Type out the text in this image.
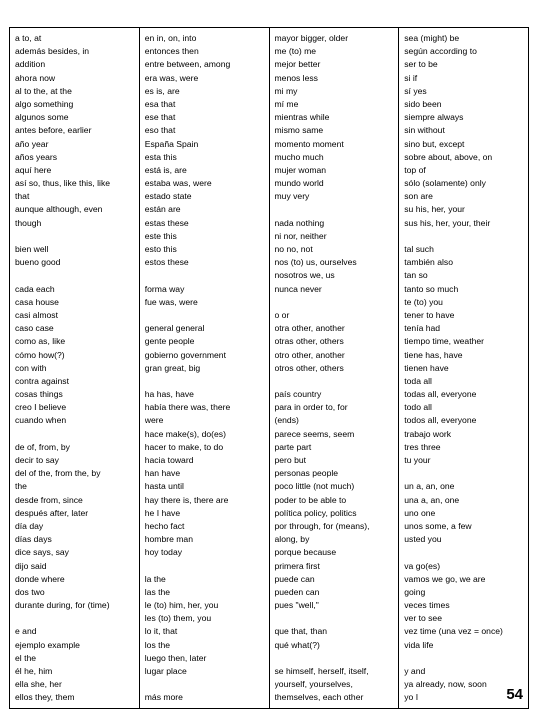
a to, at
además besides, in
addition
ahora now
al to the, at the
algo something
algunos some
antes before, earlier
año year
años years
aquí here
así so, thus, like this, like
that
aunque although, even
though
bien well
bueno good
cada each
casa house
casi almost
caso case
como as, like
cómo how(?)
con with
contra against
cosas things
creo I believe
cuando when
de of, from, by
decir to say
del of the, from the, by
the
desde from, since
después after, later
día day
días days
dice says, say
dijo said
donde where
dos two
durante during, for (time)
e and
ejemplo example
el the
él he, him
ella she, her
ellos they, them
en in, on, into
entonces then
entre between, among
era was, were
es is, are
esa that
ese that
eso that
España Spain
esta this
está is, are
estaba was, were
estado state
están are
estas these
este this
esto this
estos these
forma way
fue was, were
general general
gente people
gobierno government
gran great, big
ha has, have
había there was, there
were
hace make(s), do(es)
hacer to make, to do
hacia toward
han have
hasta until
hay there is, there are
he I have
hecho fact
hombre man
hoy today
la the
las the
le (to) him, her, you
les (to) them, you
lo it, that
los the
luego then, later
lugar place
más more
mayor bigger, older
me (to) me
mejor better
menos less
mi my
mí me
mientras while
mismo same
momento moment
mucho much
mujer woman
mundo world
muy very
nada nothing
ni nor, neither
no no, not
nos (to) us, ourselves
nosotros we, us
nunca never
o or
otra other, another
otras other, others
otro other, another
otros other, others
país country
para in order to, for
(ends)
parece seems, seem
parte part
pero but
personas people
poco little (not much)
poder to be able to
política policy, politics
por through, for (means),
along, by
porque because
primera first
puede can
pueden can
pues "well,"
que that, than
qué what(?)
se himself, herself, itself,
yourself, yourselves,
themselves, each other
sea (might) be
según according to
ser to be
si if
sí yes
sido been
siempre always
sin without
sino but, except
sobre about, above, on
top of
sólo (solamente) only
son are
su his, her, your
sus his, her, your, their
tal such
también also
tan so
tanto so much
te (to) you
tener to have
tenía had
tiempo time, weather
tiene has, have
tienen have
toda all
todas all, everyone
todo all
todos all, everyone
trabajo work
tres three
tu your
un a, an, one
una a, an, one
uno one
unos some, a few
usted you
va go(es)
vamos we go, we are
going
veces times
ver to see
vez time (una vez = once)
vida life
y and
ya already, now, soon
yo I	54
